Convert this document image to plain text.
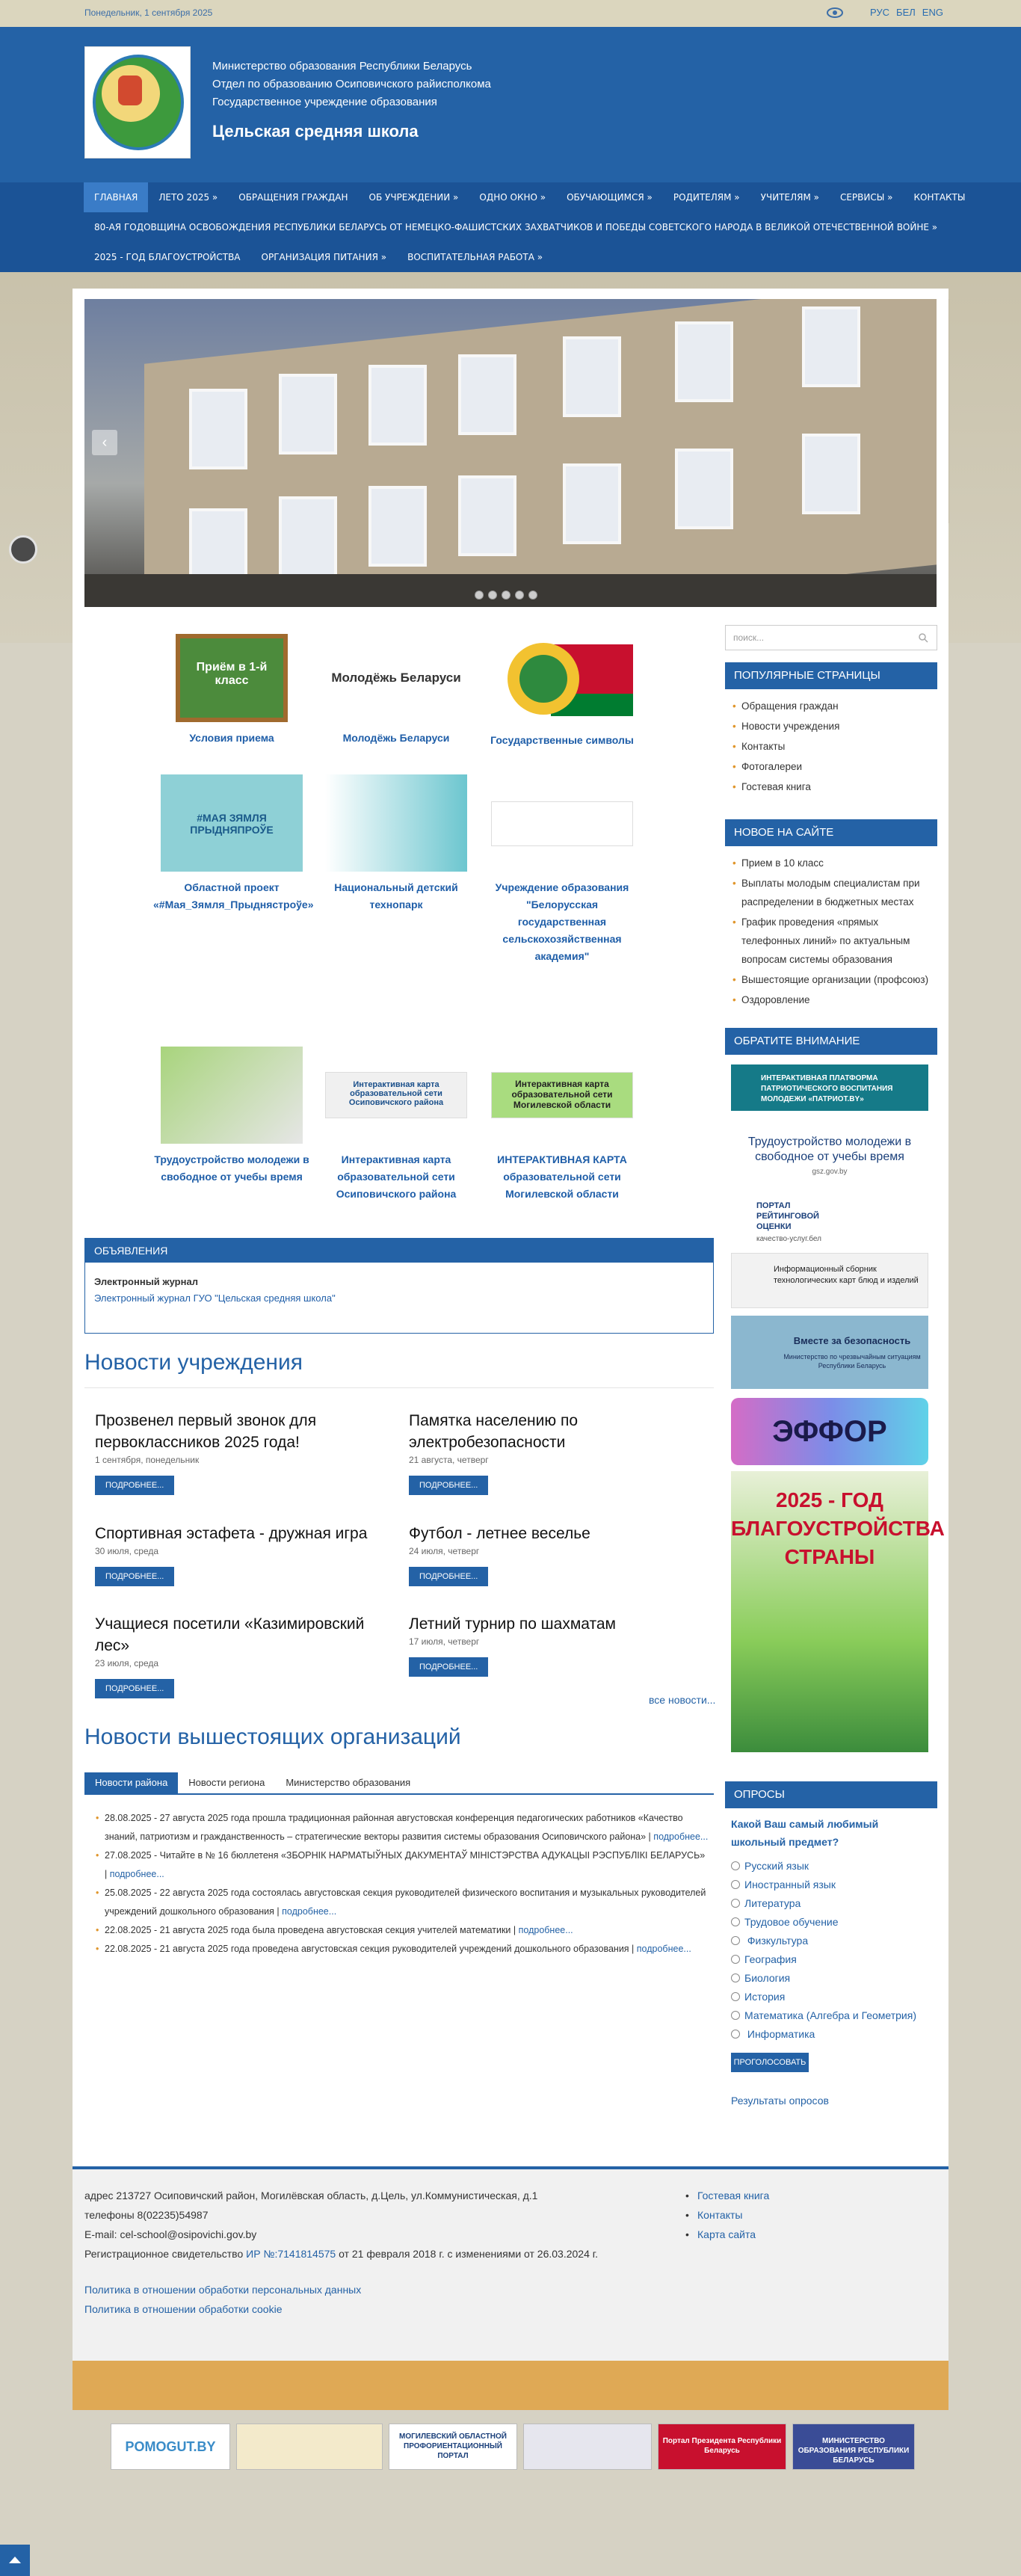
Понедельник, 1 сентября 2025	РУС БЕЛ ENG
Министерство образования Республики Беларусь
Отдел по образованию Осиповичского райисполкома
Государственное учреждение образования
Цельская средняя школа
ГЛАВНАЯ	ЛЕТО 2025 »	ОБРАЩЕНИЯ ГРАЖДАН	ОБ УЧРЕЖДЕНИИ »	ОДНО ОКНО »	ОБУЧАЮЩИМСЯ »	РОДИТЕЛЯМ »	УЧИТЕЛЯМ »	СЕРВИСЫ »	КОНТАКТЫ
80-АЯ ГОДОВЩИНА ОСВОБОЖДЕНИЯ РЕСПУБЛИКИ БЕЛАРУСЬ ОТ НЕМЕЦКО-ФАШИСТСКИХ ЗАХВАТЧИКОВ И ПОБЕДЫ СОВЕТСКОГО НАРОДА В ВЕЛИКОЙ ОТЕЧЕСТВЕННОЙ ВОЙНЕ »
2025 - ГОД БЛАГОУСТРОЙСТВА	ОРГАНИЗАЦИЯ ПИТАНИЯ »	ВОСПИТАТЕЛЬНАЯ РАБОТА »
‹
Приём в 1-й класс
Условия приема
Молодёжь Беларуси
Молодёжь Беларуси	Государственные символы
#МАЯ ЗЯМЛЯ ПРЫДНЯПРОЎЕ
Областной проект «#Мая_Зямля_Прыднястроўе»
Национальный детский технопарк
Учреждение образования "Белорусская государственная сельскохозяйственная академия"
Трудоустройство молодежи в свободное от учебы время
Интерактивная карта образовательной сети Осиповичского района
Интерактивная карта образовательной сети Осиповичского района
Интерактивная карта образовательной сети Могилевской области
ИНТЕРАКТИВНАЯ КАРТА образовательной сети Могилевской области
ОБЪЯВЛЕНИЯ
Электронный журнал
Электронный журнал ГУО "Цельская средняя школа"
Новости учреждения
Прозвенел первый звонок для первоклассников 2025 года!
1 сентября, понедельник
ПОДРОБНЕЕ...
Памятка населению по электробезопасности
21 августа, четверг
ПОДРОБНЕЕ...
Спортивная эстафета - дружная игра
30 июля, среда
ПОДРОБНЕЕ...
Футбол - летнее веселье
24 июля, четверг
ПОДРОБНЕЕ...
Учащиеся посетили «Казимировский лес»
23 июля, среда
ПОДРОБНЕЕ...
Летний турнир по шахматам
17 июля, четверг
ПОДРОБНЕЕ...
все новости...
Новости вышестоящих организаций
Новости района	Новости региона	Министерство образования
• 28.08.2025 - 27 августа 2025 года прошла традиционная районная августовская конференция педагогических работников «Качество знаний, патриотизм и гражданственность – стратегические векторы развития системы образования Осиповичского района» | подробнее...
• 27.08.2025 - Читайте в № 16 бюллетеня «ЗБОРНІК НАРМАТЫЎНЫХ ДАКУМЕНТАЎ МІНІСТЭРСТВА АДУКАЦЫІ РЭСПУБЛІКІ БЕЛАРУСЬ» | подробнее...
• 25.08.2025 - 22 августа 2025 года состоялась августовская секция руководителей физического воспитания и музыкальных руководителей учреждений дошкольного образования | подробнее...
• 22.08.2025 - 21 августа 2025 года была проведена августовская секция учителей математики | подробнее...
• 22.08.2025 - 21 августа 2025 года проведена августовская секция руководителей учреждений дошкольного образования | подробнее...
поиск...
ПОПУЛЯРНЫЕ СТРАНИЦЫ
• Обращения граждан
• Новости учреждения
• Контакты
• Фотогалереи
• Гостевая книга
НОВОЕ НА САЙТЕ
• Прием в 10 класс
• Выплаты молодым специалистам при распределении в бюджетных местах
• График проведения «прямых телефонных линий» по актуальным вопросам системы образования
• Вышестоящие организации (профсоюз)
• Оздоровление
ОБРАТИТЕ ВНИМАНИЕ
ИНТЕРАКТИВНАЯ ПЛАТФОРМА ПАТРИОТИЧЕСКОГО ВОСПИТАНИЯ МОЛОДЕЖИ «ПАТРИОТ.BY»
Трудоустройство молодежи в свободное от учебы время
gsz.gov.by
ПОРТАЛ РЕЙТИНГОВОЙ ОЦЕНКИ
качество-услуг.бел
Информационный сборник технологических карт блюд и изделий
Вместе за безопасность
Министерство по чрезвычайным ситуациям Республики Беларусь
ЭФФОР
2025 - ГОД БЛАГОУСТРОЙСТВА СТРАНЫ
ОПРОСЫ
Какой Ваш самый любимый школьный предмет?
Русский язык
Иностранный язык
Литература
Трудовое обучение
Физкультура
География
Биология
История
Математика (Алгебра и Геометрия)
Информатика
ПРОГОЛОСОВАТЬ
Результаты опросов
адрес 213727 Осиповичский район, Могилёвская область, д.Цель, ул.Коммунистическая, д.1
телефоны 8(02235)54987
E-mail: cel-school@osipovichi.gov.by
Регистрационное свидетельство ИР №:7141814575 от 21 февраля 2018 г. с изменениями от 26.03.2024 г.
Политика в отношении обработки персональных данных
Политика в отношении обработки cookie
• Гостевая книга
• Контакты
• Карта сайта
POMOGUT.BY
МОГИЛЕВСКИЙ ОБЛАСТНОЙ ПРОФОРИЕНТАЦИОННЫЙ ПОРТАЛ
Портал Президента Республики Беларусь
МИНИСТЕРСТВО ОБРАЗОВАНИЯ РЕСПУБЛИКИ БЕЛАРУСЬ
